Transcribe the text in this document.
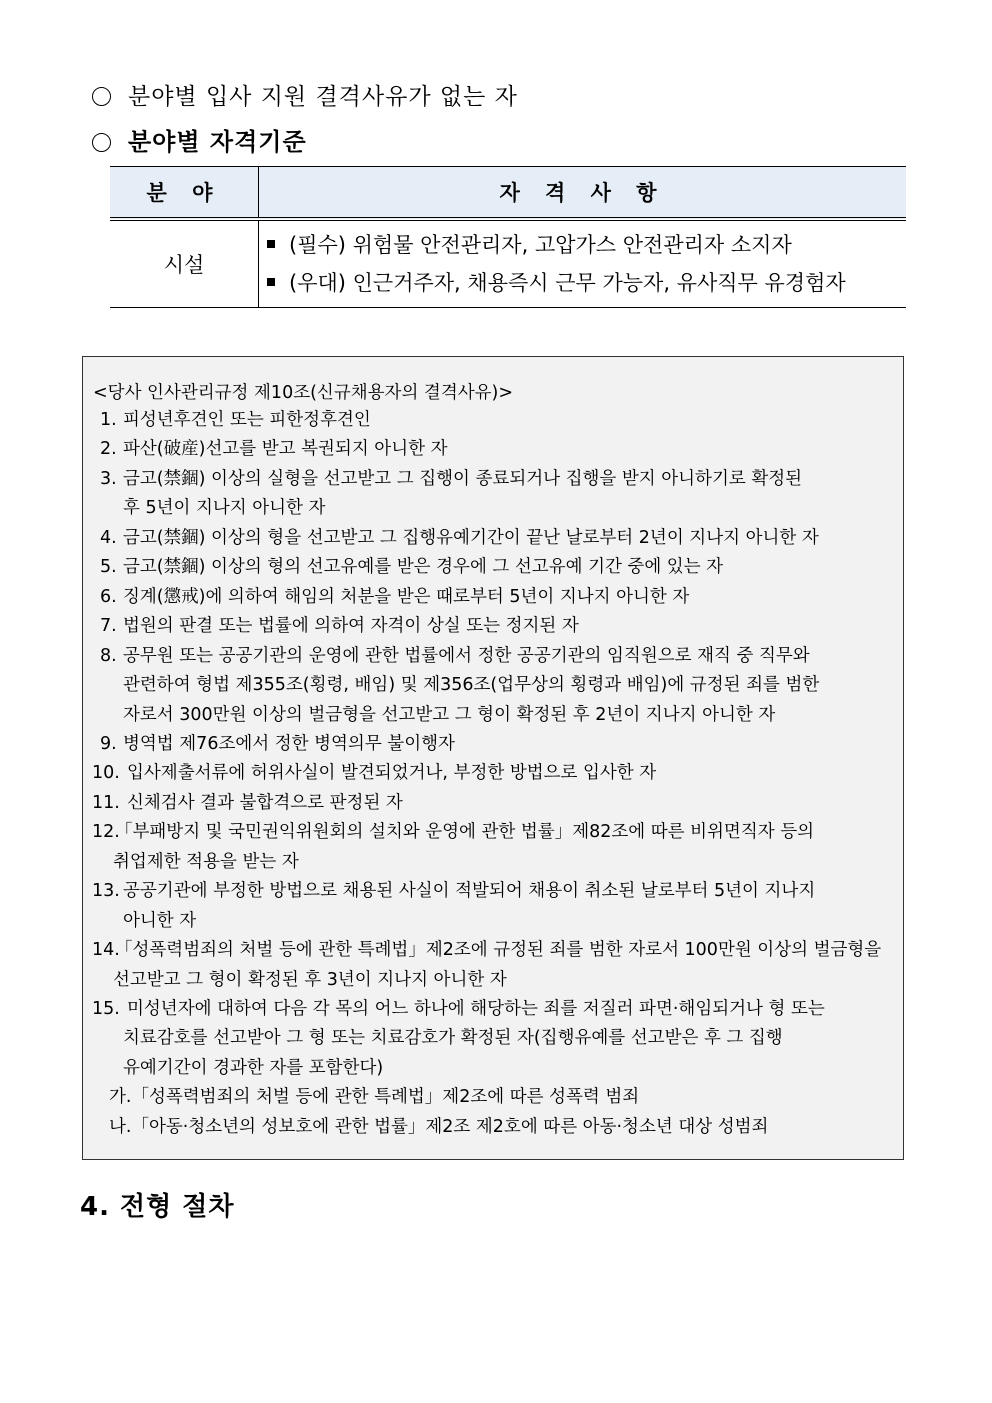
분야별 입사 지원 결격사유가 없는 자
분야별 자격기준
분 야	자 격 사 항
시설	(필수) 위험물 안전관리자, 고압가스 안전관리자 소지자
(우대) 인근거주자, 채용즉시 근무 가능자, 유사직무 유경험자
<당사 인사관리규정 제10조(신규채용자의 결격사유)>
1. 피성년후견인 또는 피한정후견인
2. 파산(破産)선고를 받고 복권되지 아니한 자
3. 금고(禁錮) 이상의 실형을 선고받고 그 집행이 종료되거나 집행을 받지 아니하기로 확정된
후 5년이 지나지 아니한 자
4. 금고(禁錮) 이상의 형을 선고받고 그 집행유예기간이 끝난 날로부터 2년이 지나지 아니한 자
5. 금고(禁錮) 이상의 형의 선고유예를 받은 경우에 그 선고유예 기간 중에 있는 자
6. 징계(懲戒)에 의하여 해임의 처분을 받은 때로부터 5년이 지나지 아니한 자
7. 법원의 판결 또는 법률에 의하여 자격이 상실 또는 정지된 자
8. 공무원 또는 공공기관의 운영에 관한 법률에서 정한 공공기관의 임직원으로 재직 중 직무와
관련하여 형법 제355조(횡령, 배임) 및 제356조(업무상의 횡령과 배임)에 규정된 죄를 범한
자로서 300만원 이상의 벌금형을 선고받고 그 형이 확정된 후 2년이 지나지 아니한 자
9. 병역법 제76조에서 정한 병역의무 불이행자
10. 입사제출서류에 허위사실이 발견되었거나, 부정한 방법으로 입사한 자
11. 신체검사 결과 불합격으로 판정된 자
12.
「부패방지 및 국민권익위원회의 설치와 운영에 관한 법률」제82조에 따른 비위면직자 등의
취업제한 적용을 받는 자
13. 공공기관에 부정한 방법으로 채용된 사실이 적발되어 채용이 취소된 날로부터 5년이 지나지
아니한 자
14.
「성폭력범죄의 처벌 등에 관한 특례법」제2조에 규정된 죄를 범한 자로서 100만원 이상의 벌금형을
선고받고 그 형이 확정된 후 3년이 지나지 아니한 자
15. 미성년자에 대하여 다음 각 목의 어느 하나에 해당하는 죄를 저질러 파면·해임되거나 형 또는
치료감호를 선고받아 그 형 또는 치료감호가 확정된 자(집행유예를 선고받은 후 그 집행
유예기간이 경과한 자를 포함한다)
가.「성폭력범죄의 처벌 등에 관한 특례법」제2조에 따른 성폭력 범죄
나.「아동·청소년의 성보호에 관한 법률」제2조 제2호에 따른 아동·청소년 대상 성범죄
4. 전형 절차
